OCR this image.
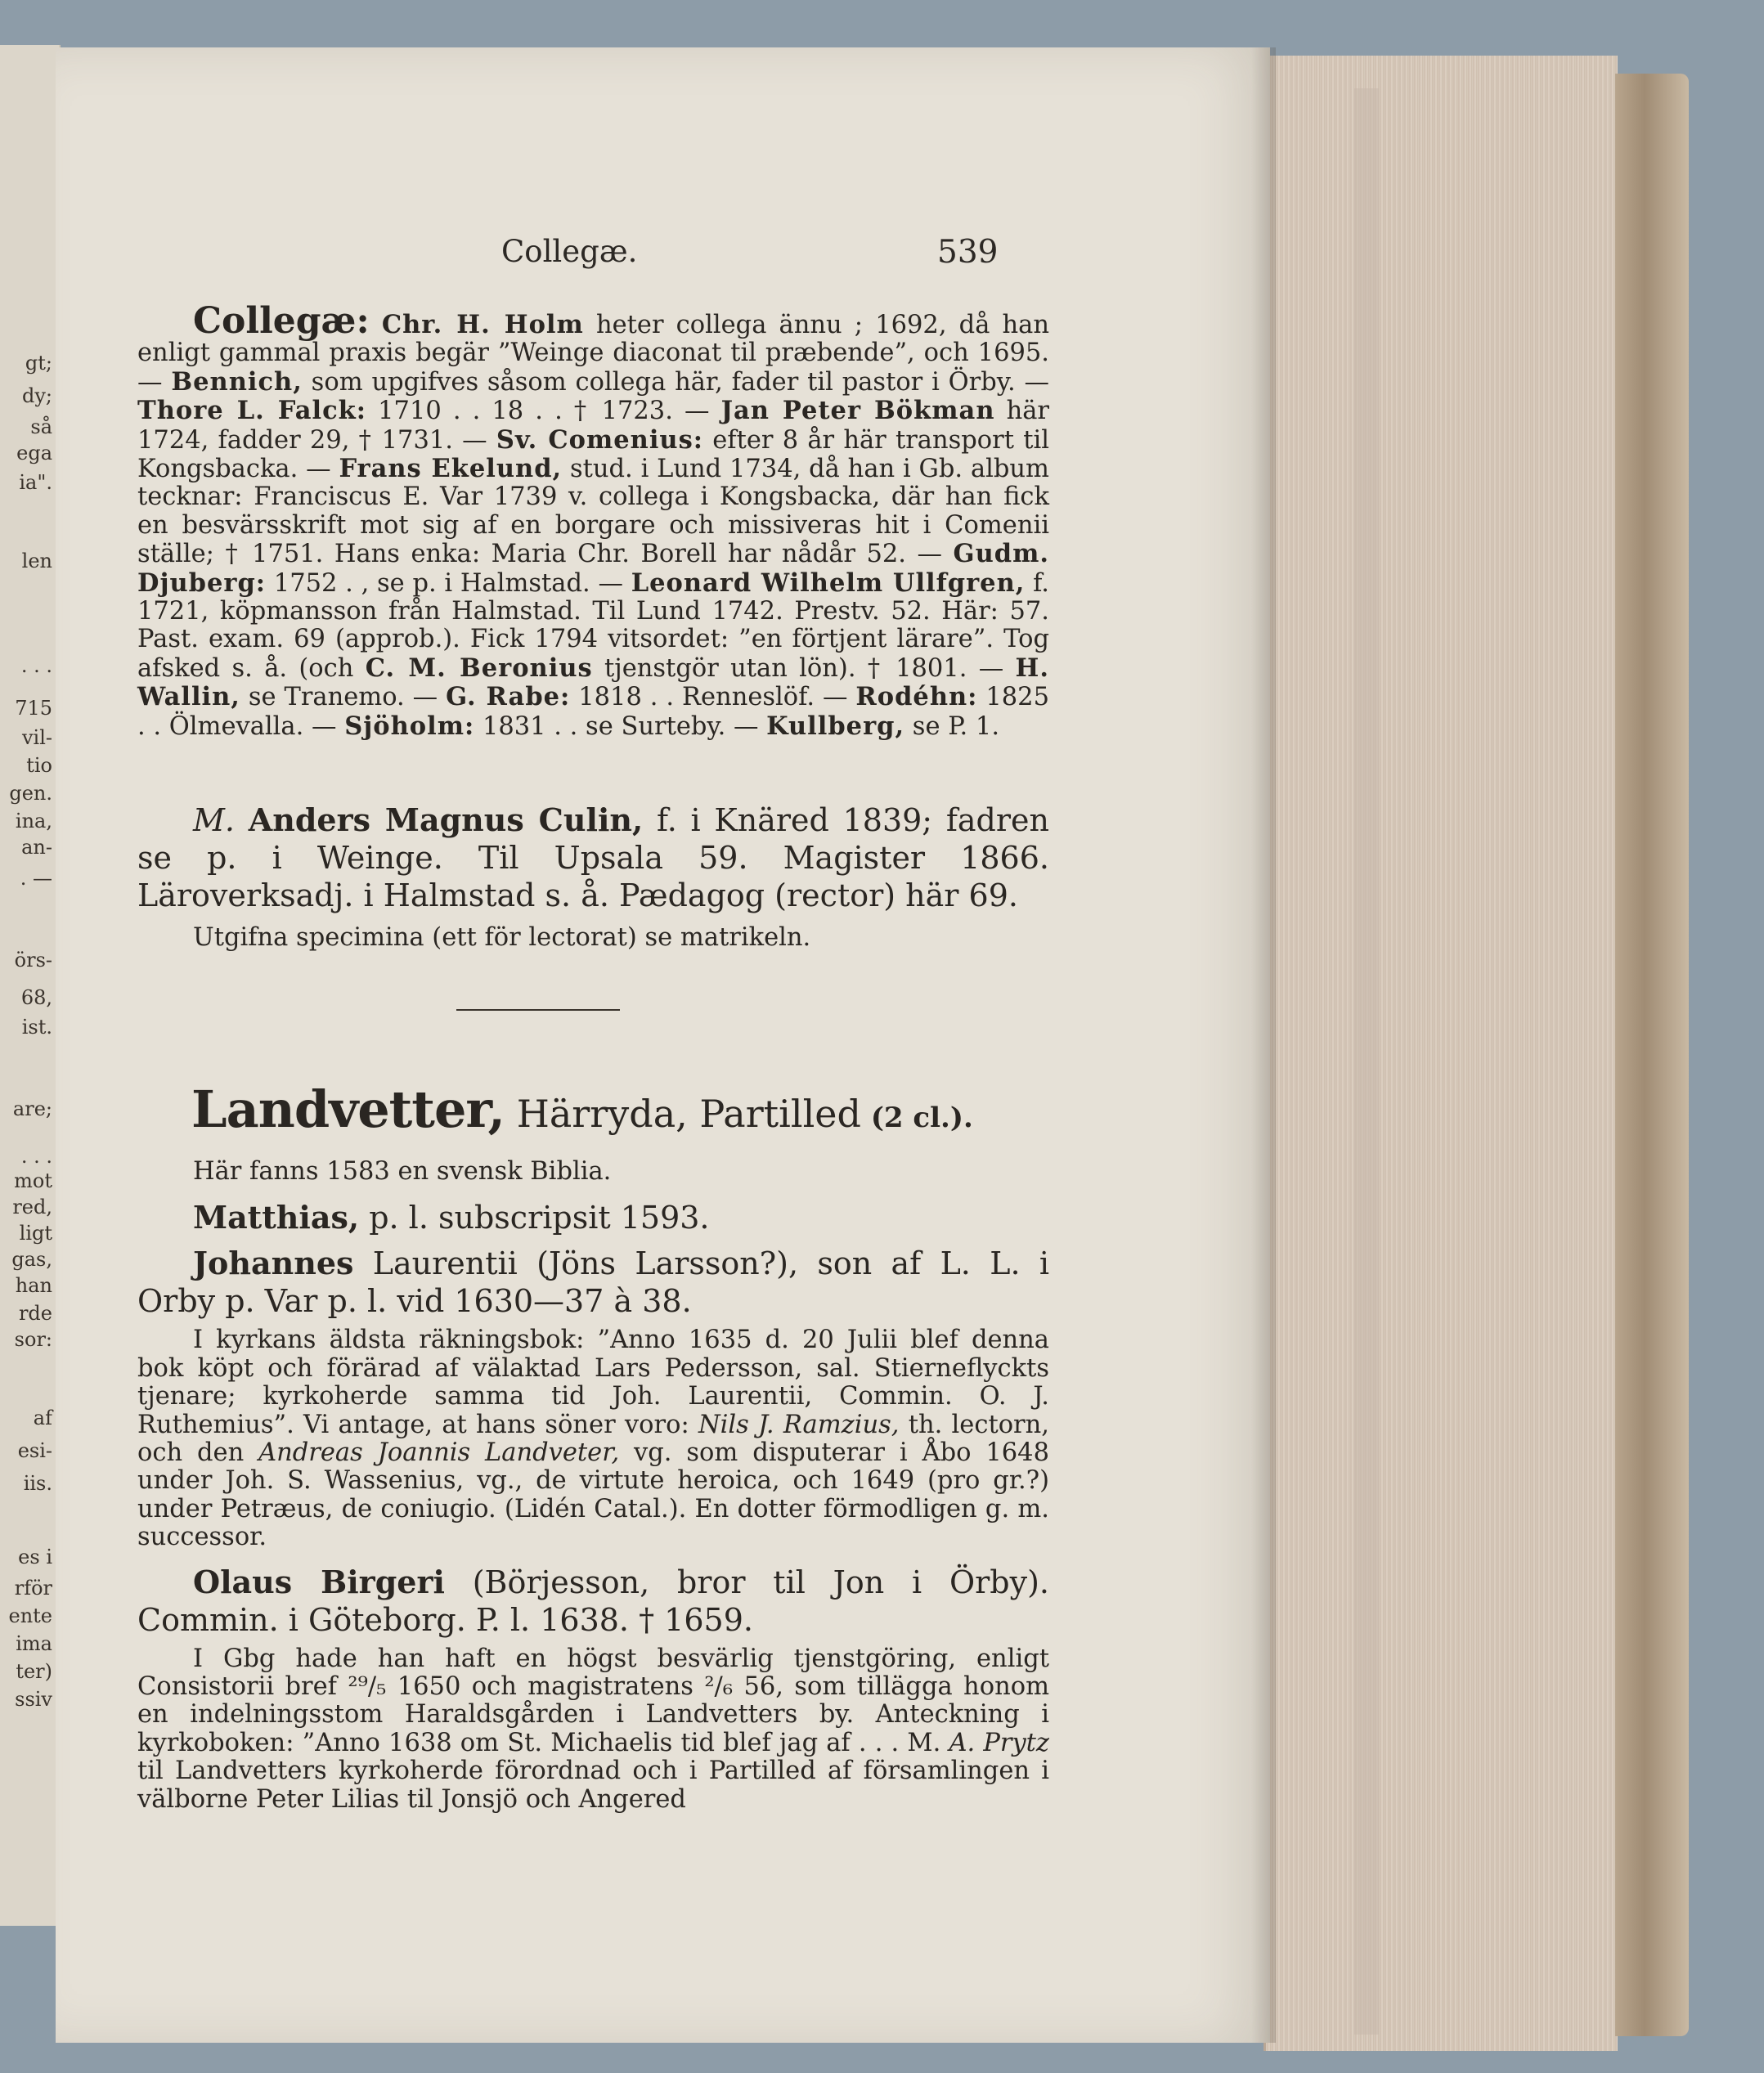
gt;
dy;
så
ega
ia".
len
. . .
715
vil-
tio
gen.
ina,
an-
. —
örs-
68,
ist.
are;
. . .
mot
red,
ligt
gas,
han
rde
sor:
af
esi-
iis.
es i
rför
ente
ima
ter)
ssiv
Collegæ.	539

Collegæ: Chr. H. Holm heter collega ännu ; 1692, då han enligt gammal praxis begär ”Weinge diaconat til præbende”, och 1695. — Bennich, som upgifves såsom collega här, fader til pastor i Örby. — Thore L. Falck: 1710 . . 18 . . † 1723. — Jan Peter Bökman här 1724, fadder 29, † 1731. — Sv. Comenius: efter 8 år här transport til Kongsbacka. — Frans Ekelund, stud. i Lund 1734, då han i Gb. album tecknar: Franciscus E. Var 1739 v. collega i Kongsbacka, där han fick en besvärsskrift mot sig af en borgare och missiveras hit i Comenii ställe; † 1751. Hans enka: Maria Chr. Borell har nådår 52. — Gudm. Djuberg: 1752 . , se p. i Halmstad. — Leonard Wilhelm Ullfgren, f. 1721, köpmansson från Halmstad. Til Lund 1742. Prestv. 52. Här: 57. Past. exam. 69 (approb.). Fick 1794 vitsordet: ”en förtjent lärare”. Tog afsked s. å. (och C. M. Beronius tjenstgör utan lön). † 1801. — H. Wallin, se Tranemo. — G. Rabe: 1818 . . Renneslöf. — Rodéhn: 1825 . . Ölmevalla. — Sjöholm: 1831 . . se Surteby. — Kullberg, se P. 1.

M. Anders Magnus Culin, f. i Knäred 1839; fadren se p. i Weinge. Til Upsala 59. Magister 1866. Läroverksadj. i Halmstad s. å. Pædagog (rector) här 69.

Utgifna specimina (ett för lectorat) se matrikeln.

Landvetter, Härryda, Partilled (2 cl.).

Här fanns 1583 en svensk Biblia.

Matthias, p. l. subscripsit 1593.

Johannes Laurentii (Jöns Larsson?), son af L. L. i Orby p. Var p. l. vid 1630—37 à 38.

I kyrkans äldsta räkningsbok: ”Anno 1635 d. 20 Julii blef denna bok köpt och förärad af välaktad Lars Pedersson, sal. Stierneflyckts tjenare; kyrkoherde samma tid Joh. Laurentii, Commin. O. J. Ruthemius”. Vi antage, at hans söner voro: Nils J. Ramzius, th. lectorn, och den Andreas Joannis Landveter, vg. som disputerar i Åbo 1648 under Joh. S. Wassenius, vg., de virtute heroica, och 1649 (pro gr.?) under Petræus, de coniugio. (Lidén Catal.). En dotter förmodligen g. m. successor.

Olaus Birgeri (Börjesson, bror til Jon i Örby). Commin. i Göteborg. P. l. 1638. † 1659.

I Gbg hade han haft en högst besvärlig tjenstgöring, enligt Consistorii bref ²⁹/₅ 1650 och magistratens ²/₆ 56, som tillägga honom en indelningsstom Haraldsgården i Landvetters by. Anteckning i kyrkoboken: ”Anno 1638 om St. Michaelis tid blef jag af . . . M. A. Prytz til Landvetters kyrkoherde förordnad och i Partilled af församlingen i välborne Peter Lilias til Jonsjö och Angered
